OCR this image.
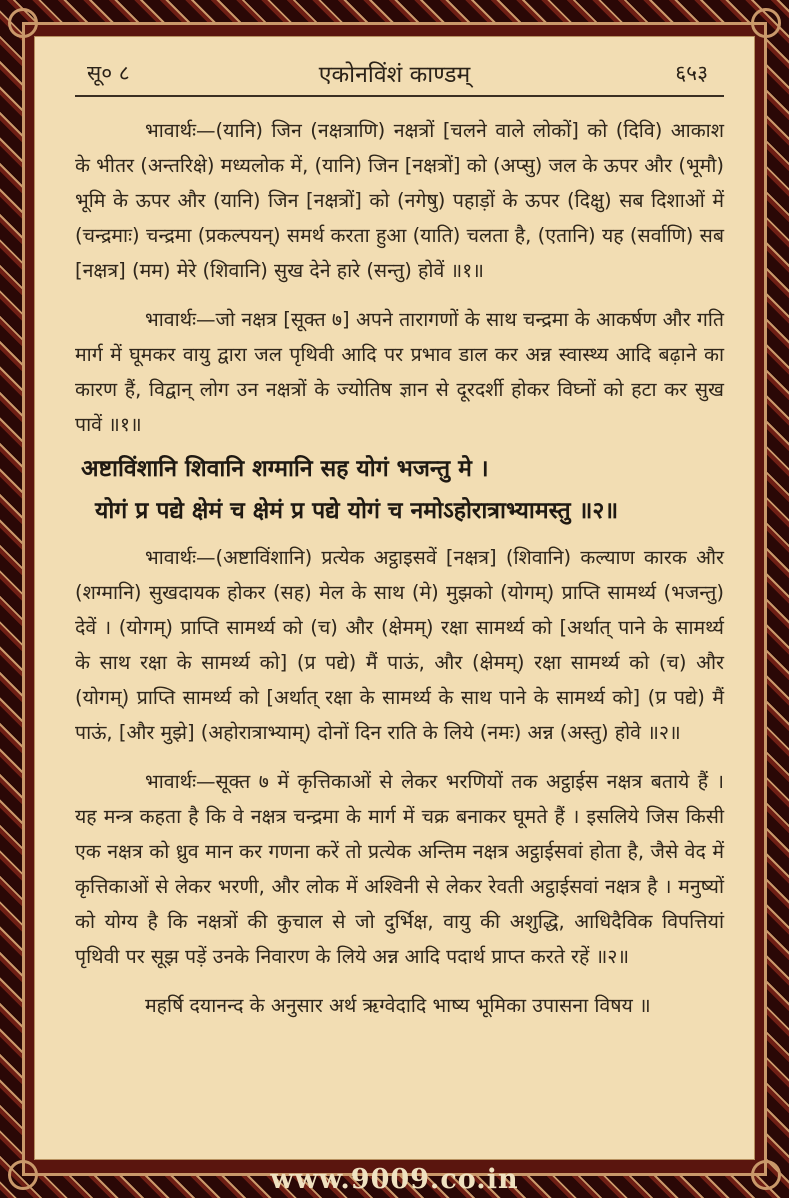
सू० ८	एकोनविंशं काण्डम्	६५३

भावार्थः—(यानि) जिन (नक्षत्राणि) नक्षत्रों [चलने वाले लोकों] को (दिवि) आकाश के भीतर (अन्तरिक्षे) मध्यलोक में, (यानि) जिन [नक्षत्रों] को (अप्सु) जल के ऊपर और (भूमौ) भूमि के ऊपर और (यानि) जिन [नक्षत्रों] को (नगेषु) पहाड़ों के ऊपर (दिक्षु) सब दिशाओं में (चन्द्रमाः) चन्द्रमा (प्रकल्पयन्) समर्थ करता हुआ (याति) चलता है, (एतानि) यह (सर्वाणि) सब [नक्षत्र] (मम) मेरे (शिवानि) सुख देने हारे (सन्तु) होवें ॥१॥

भावार्थः—जो नक्षत्र [सूक्त ७] अपने तारागणों के साथ चन्द्रमा के आकर्षण और गति मार्ग में घूमकर वायु द्वारा जल पृथिवी आदि पर प्रभाव डाल कर अन्न स्वास्थ्य आदि बढ़ाने का कारण हैं, विद्वान् लोग उन नक्षत्रों के ज्योतिष ज्ञान से दूरदर्शी होकर विघ्नों को हटा कर सुख पावें ॥१॥

अष्टाविंशानि शिवानि शग्मानि सह योगं भजन्तु मे ।
योगं प्र पद्ये क्षेमं च क्षेमं प्र पद्ये योगं च नमोऽहोरात्राभ्यामस्तु ॥२॥

भावार्थः—(अष्टाविंशानि) प्रत्येक अट्ठाइसवें [नक्षत्र] (शिवानि) कल्याण कारक और (शग्मानि) सुखदायक होकर (सह) मेल के साथ (मे) मुझको (योगम्) प्राप्ति सामर्थ्य (भजन्तु) देवें । (योगम्) प्राप्ति सामर्थ्य को (च) और (क्षेमम्) रक्षा सामर्थ्य को [अर्थात् पाने के सामर्थ्य के साथ रक्षा के सामर्थ्य को] (प्र पद्ये) मैं पाऊं, और (क्षेमम्) रक्षा सामर्थ्य को (च) और (योगम्) प्राप्ति सामर्थ्य को [अर्थात् रक्षा के सामर्थ्य के साथ पाने के सामर्थ्य को] (प्र पद्ये) मैं पाऊं, [और मुझे] (अहोरात्राभ्याम्) दोनों दिन राति के लिये (नमः) अन्न (अस्तु) होवे ॥२॥

भावार्थः—सूक्त ७ में कृत्तिकाओं से लेकर भरणियों तक अट्ठाईस नक्षत्र बताये हैं । यह मन्त्र कहता है कि वे नक्षत्र चन्द्रमा के मार्ग में चक्र बनाकर घूमते हैं । इसलिये जिस किसी एक नक्षत्र को ध्रुव मान कर गणना करें तो प्रत्येक अन्तिम नक्षत्र अट्ठाईसवां होता है, जैसे वेद में कृत्तिकाओं से लेकर भरणी, और लोक में अश्विनी से लेकर रेवती अट्ठाईसवां नक्षत्र है । मनुष्यों को योग्य है कि नक्षत्रों की कुचाल से जो दुर्भिक्ष, वायु की अशुद्धि, आधिदैविक विपत्तियां पृथिवी पर सूझ पड़ें उनके निवारण के लिये अन्न आदि पदार्थ प्राप्त करते रहें ॥२॥

महर्षि दयानन्द के अनुसार अर्थ ऋग्वेदादि भाष्य भूमिका उपासना विषय ॥

www.9009.co.in
